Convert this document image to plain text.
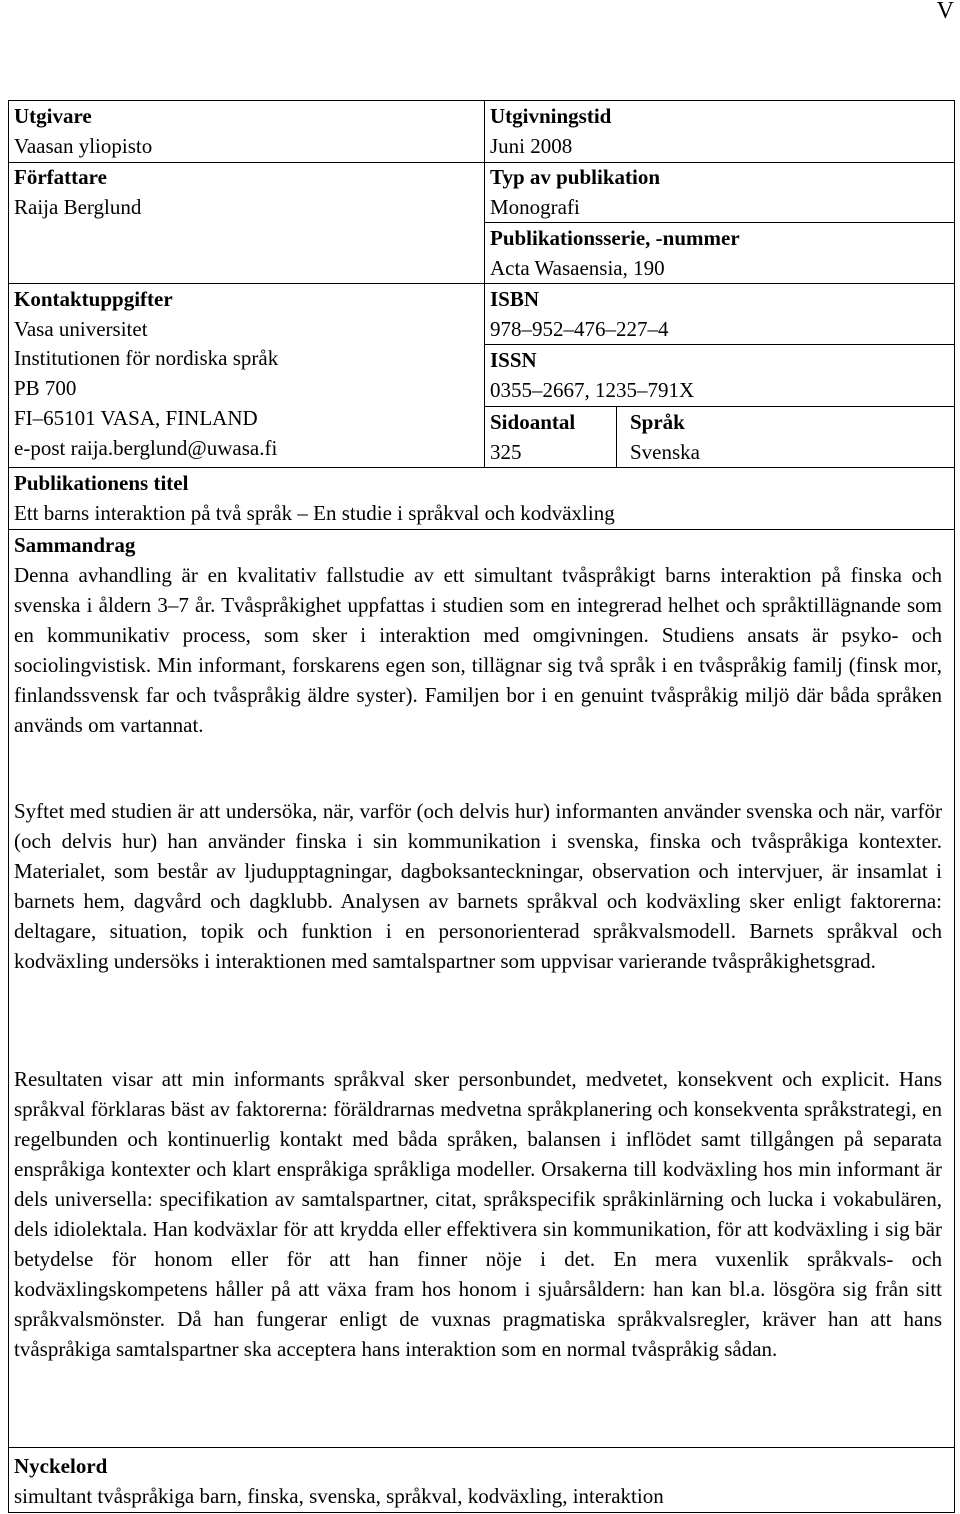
V
Utgivare
Vaasan yliopisto
Författare
Raija Berglund
Kontaktuppgifter
Vasa universitet
Institutionen för nordiska språk
PB 700
FI–65101 VASA, FINLAND
e-post raija.berglund@uwasa.fi
Utgivningstid
Juni 2008
Typ av publikation
Monografi
Publikationsserie, -nummer
Acta Wasaensia, 190
ISBN
978–952–476–227–4
ISSN
0355–2667, 1235–791X
Sidoantal
325
Språk
Svenska
Publikationens titel
Ett barns interaktion på två språk – En studie i språkval och kodväxling
Sammandrag
Denna avhandling är en kvalitativ fallstudie av ett simultant tvåspråkigt barns interaktion på finska och svenska i åldern 3–7 år. Tvåspråkighet uppfattas i studien som en integrerad helhet och språktillägnande som en kommunikativ process, som sker i interaktion med omgivningen. Studiens ansats är psyko- och sociolingvistisk. Min informant, forskarens egen son, tillägnar sig två språk i en tvåspråkig familj (finsk mor, finlandssvensk far och tvåspråkig äldre syster). Familjen bor i en genuint tvåspråkig miljö där båda språken används om vartannat.
Syftet med studien är att undersöka, när, varför (och delvis hur) informanten använder svenska och när, varför (och delvis hur) han använder finska i sin kommunikation i svenska, finska och tvåspråkiga kontexter. Materialet, som består av ljudupptagningar, dagboksanteckningar, observation och intervjuer, är insamlat i barnets hem, dagvård och dagklubb. Analysen av barnets språkval och kodväxling sker enligt faktorerna: deltagare, situation, topik och funktion i en personorienterad språkvalsmodell. Barnets språkval och kodväxling undersöks i interaktionen med samtalspartner som uppvisar varierande tvåspråkighetsgrad.
Resultaten visar att min informants språkval sker personbundet, medvetet, konsekvent och explicit. Hans språkval förklaras bäst av faktorerna: föräldrarnas medvetna språkplanering och konsekventa språkstrategi, en regelbunden och kontinuerlig kontakt med båda språken, balansen i inflödet samt tillgången på separata enspråkiga kontexter och klart enspråkiga språkliga modeller. Orsakerna till kodväxling hos min informant är dels universella: specifikation av samtalspartner, citat, språkspecifik språkinlärning och lucka i vokabulären, dels idiolektala. Han kodväxlar för att krydda eller effektivera sin kommunikation, för att kodväxling i sig bär betydelse för honom eller för att han finner nöje i det. En mera vuxenlik språkvals- och kodväxlingskompetens håller på att växa fram hos honom i sjuårsåldern: han kan bl.a. lösgöra sig från sitt språkvalsmönster. Då han fungerar enligt de vuxnas pragmatiska språkvalsregler, kräver han att hans tvåspråkiga samtalspartner ska acceptera hans interaktion som en normal tvåspråkig sådan.
Nyckelord
simultant tvåspråkiga barn, finska, svenska, språkval, kodväxling, interaktion
